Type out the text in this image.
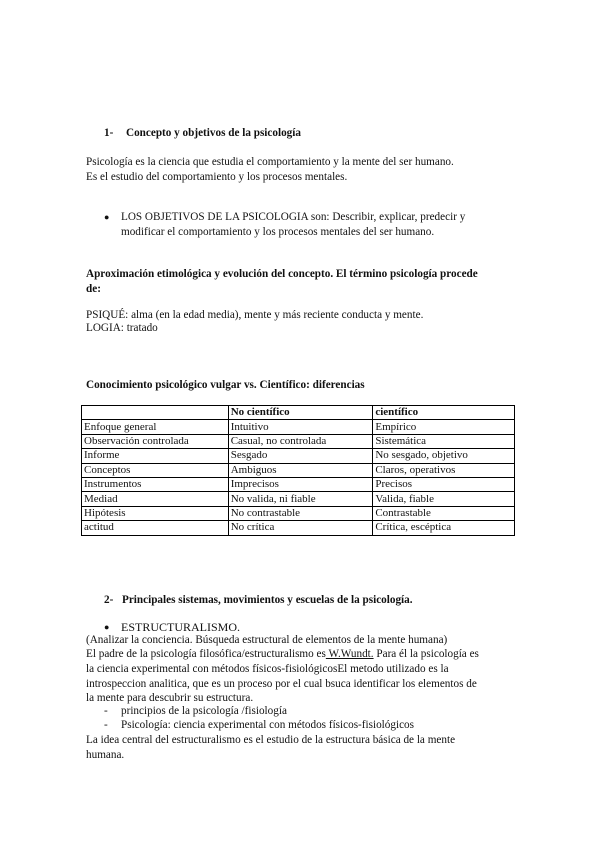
1- Concepto y objetivos de la psicología
Psicología es la ciencia que estudia el comportamiento y la mente del ser humano.
Es el estudio del comportamiento y los procesos mentales.
● LOS OBJETIVOS DE LA PSICOLOGIA son: Describir, explicar, predecir y
modificar el comportamiento y los procesos mentales del ser humano.
Aproximación etimológica y evolución del concepto. El término psicología procede
de:
PSIQUÉ: alma (en la edad media), mente y más reciente conducta y mente.
LOGIA: tratado
Conocimiento psicológico vulgar vs. Científico: diferencias
	No científico	científico
Enfoque general	Intuitivo	Empírico
Observación controlada	Casual, no controlada	Sistemática
Informe	Sesgado	No sesgado, objetivo
Conceptos	Ambiguos	Claros, operativos
Instrumentos	Imprecisos	Precisos
Mediad	No valida, ni fiable	Valida, fiable
Hipótesis	No contrastable	Contrastable
actitud	No crítica	Crítica, escéptica
2- Principales sistemas, movimientos y escuelas de la psicología.
● ESTRUCTURALISMO.
(Analizar la conciencia. Búsqueda estructural de elementos de la mente humana)
El padre de la psicología filosófica/estructuralismo es W.Wundt. Para él la psicología es
la ciencia experimental con métodos físicos-fisiológicosEl metodo utilizado es la
introspeccion analitica, que es un proceso por el cual bsuca identificar los elementos de
la mente para descubrir su estructura.
- principios de la psicología /fisiología
- Psicología: ciencia experimental con métodos físicos-fisiológicos
La idea central del estructuralismo es el estudio de la estructura básica de la mente
humana.
